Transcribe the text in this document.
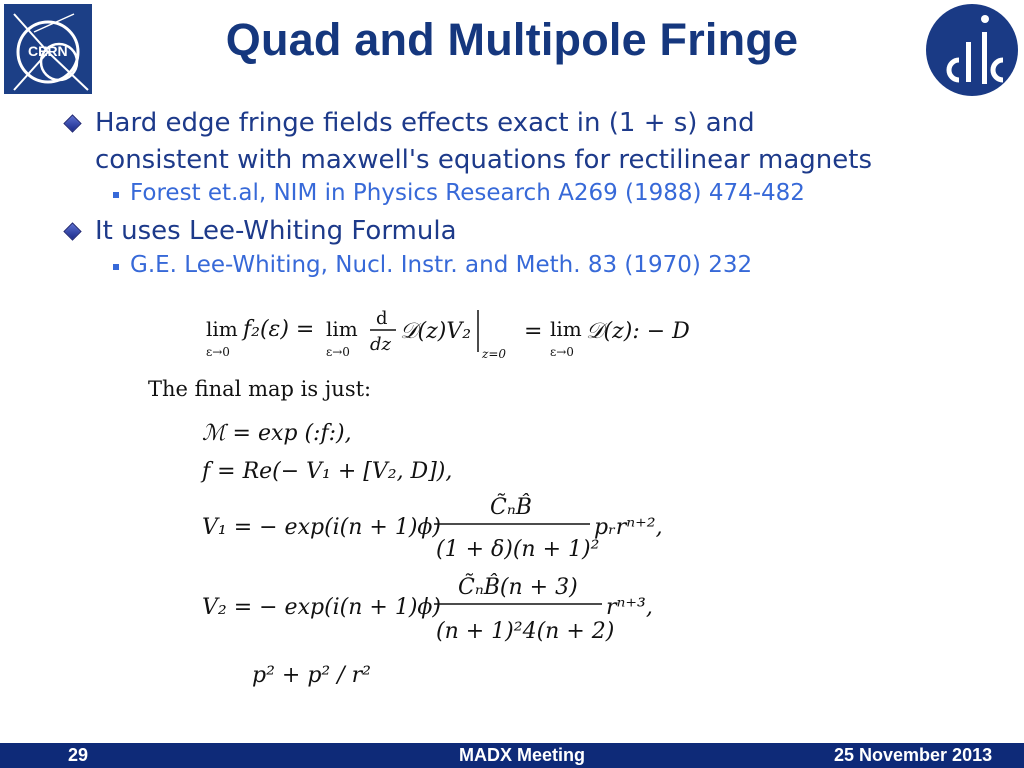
CERN	Quad and Multipole Fringe
Hard edge fringe fields effects exact in (1 + s) and
consistent with maxwell's equations for rectilinear magnets
Forest et.al, NIM in Physics Research A269 (1988) 474-482
It uses Lee-Whiting Formula
G.E. Lee-Whiting, Nucl. Instr. and Meth. 83 (1970) 232
lim
ε→0
f₂(ε) = lim
ε→0
d
dz
𝒟(z)V₂
z=0
= lim
ε→0
𝒟(z): − D
The final map is just:
ℳ = exp (:f:),
f = Re(− V₁ + [V₂, D]),
V₁ = − exp(i(n + 1)ϕ)
C̃ₙB̂
(1 + δ)(n + 1)²
pᵣrⁿ⁺²,
V₂ = − exp(i(n + 1)ϕ)
C̃ₙB̂(n + 3)
(n + 1)²4(n + 2)
rⁿ⁺³,
p² + p² / r²
29	MADX Meeting	25 November 2013
